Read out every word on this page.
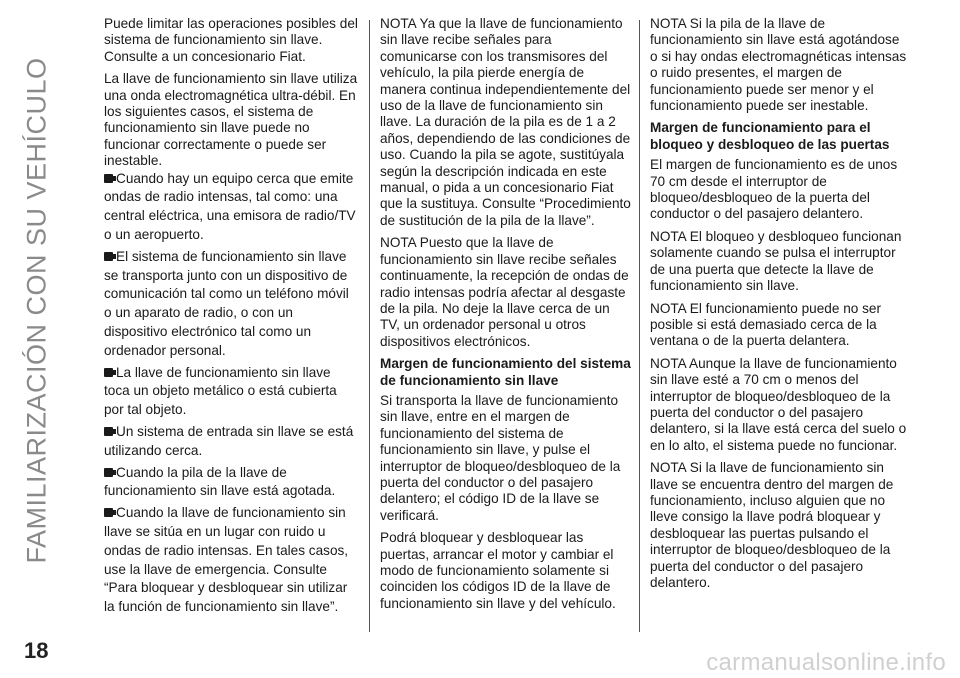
FAMILIARIZACIÓN CON SU VEHÍCULO

Puede limitar las operaciones posibles del sistema de funcionamiento sin llave. Consulte a un concesionario Fiat.

La llave de funcionamiento sin llave utiliza una onda electromagnética ultra-débil. En los siguientes casos, el sistema de funcionamiento sin llave puede no funcionar correctamente o puede ser inestable.

Cuando hay un equipo cerca que emite ondas de radio intensas, tal como: una central eléctrica, una emisora de radio/TV o un aeropuerto.

El sistema de funcionamiento sin llave se transporta junto con un dispositivo de comunicación tal como un teléfono móvil o un aparato de radio, o con un dispositivo electrónico tal como un ordenador personal.

La llave de funcionamiento sin llave toca un objeto metálico o está cubierta por tal objeto.

Un sistema de entrada sin llave se está utilizando cerca.

Cuando la pila de la llave de funcionamiento sin llave está agotada.

Cuando la llave de funcionamiento sin llave se sitúa en un lugar con ruido u ondas de radio intensas. En tales casos, use la llave de emergencia. Consulte “Para bloquear y desbloquear sin utilizar la función de funcionamiento sin llave”.

NOTA Ya que la llave de funcionamiento sin llave recibe señales para comunicarse con los transmisores del vehículo, la pila pierde energía de manera continua independientemente del uso de la llave de funcionamiento sin llave. La duración de la pila es de 1 a 2 años, dependiendo de las condiciones de uso. Cuando la pila se agote, sustitúyala según la descripción indicada en este manual, o pida a un concesionario Fiat que la sustituya. Consulte “Procedimiento de sustitución de la pila de la llave”.

NOTA Puesto que la llave de funcionamiento sin llave recibe señales continuamente, la recepción de ondas de radio intensas podría afectar al desgaste de la pila. No deje la llave cerca de un TV, un ordenador personal u otros dispositivos electrónicos.

Margen de funcionamiento del sistema de funcionamiento sin llave

Si transporta la llave de funcionamiento sin llave, entre en el margen de funcionamiento del sistema de funcionamiento sin llave, y pulse el interruptor de bloqueo/desbloqueo de la puerta del conductor o del pasajero delantero; el código ID de la llave se verificará.

Podrá bloquear y desbloquear las puertas, arrancar el motor y cambiar el modo de funcionamiento solamente si coinciden los códigos ID de la llave de funcionamiento sin llave y del vehículo.

NOTA Si la pila de la llave de funcionamiento sin llave está agotándose o si hay ondas electromagnéticas intensas o ruido presentes, el margen de funcionamiento puede ser menor y el funcionamiento puede ser inestable.

Margen de funcionamiento para el bloqueo y desbloqueo de las puertas

El margen de funcionamiento es de unos 70 cm desde el interruptor de bloqueo/desbloqueo de la puerta del conductor o del pasajero delantero.

NOTA El bloqueo y desbloqueo funcionan solamente cuando se pulsa el interruptor de una puerta que detecte la llave de funcionamiento sin llave.

NOTA El funcionamiento puede no ser posible si está demasiado cerca de la ventana o de la puerta delantera.

NOTA Aunque la llave de funcionamiento sin llave esté a 70 cm o menos del interruptor de bloqueo/desbloqueo de la puerta del conductor o del pasajero delantero, si la llave está cerca del suelo o en lo alto, el sistema puede no funcionar.

NOTA Si la llave de funcionamiento sin llave se encuentra dentro del margen de funcionamiento, incluso alguien que no lleve consigo la llave podrá bloquear y desbloquear las puertas pulsando el interruptor de bloqueo/desbloqueo de la puerta del conductor o del pasajero delantero.

18	carmanualsonline.info
